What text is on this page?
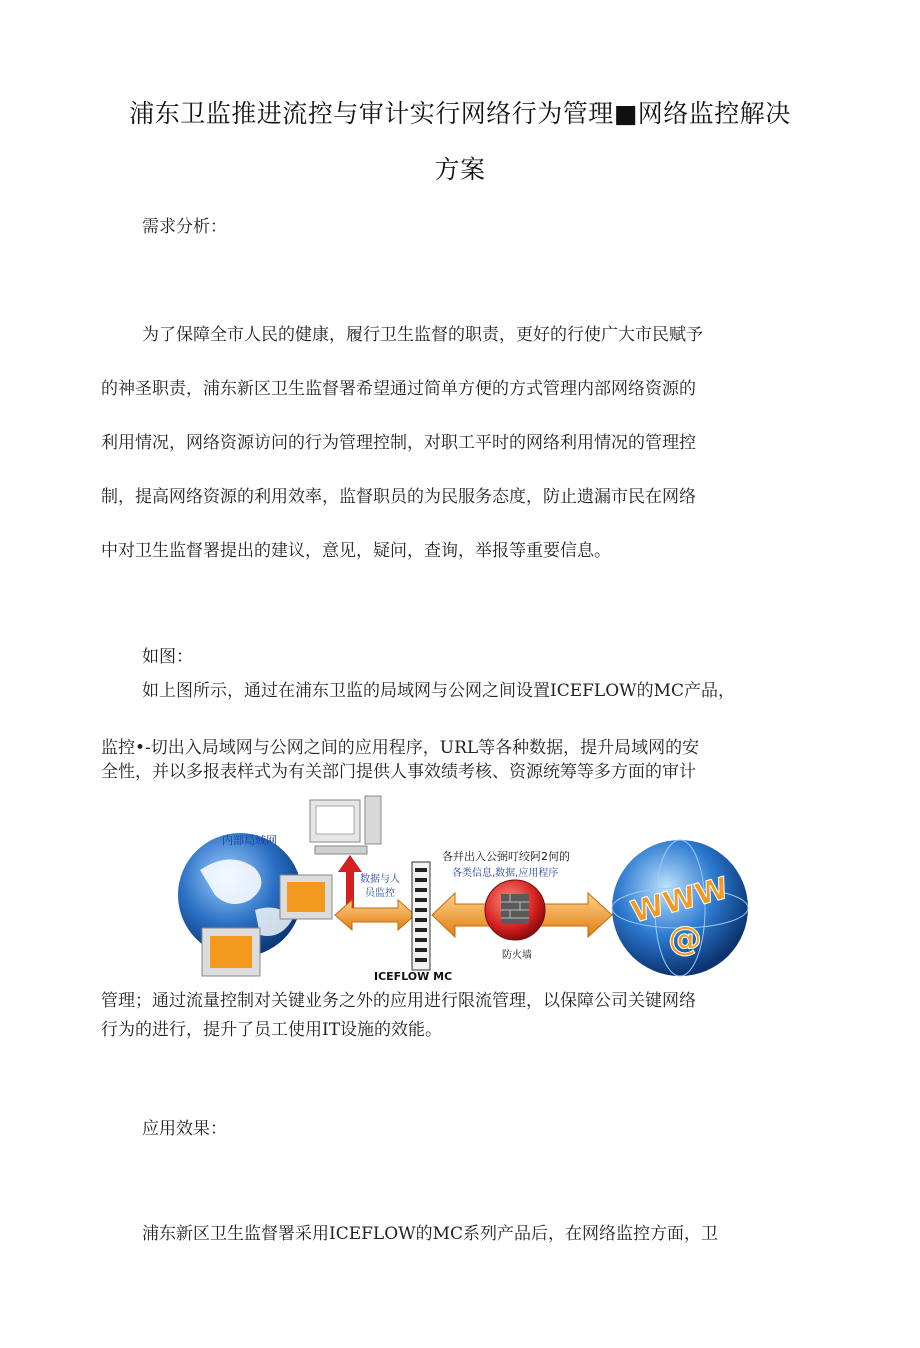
浦东卫监推进流控与审计实行网络行为管理■网络监控解决
方案
需求分析：
为了保障全市人民的健康，履行卫生监督的职责，更好的行使广大市民赋予
的神圣职责，浦东新区卫生监督署希望通过简单方便的方式管理内部网络资源的
利用情况，网络资源访问的行为管理控制，对职工平时的网络利用情况的管理控
制，提高网络资源的利用效率，监督职员的为民服务态度，防止遗漏市民在网络
中对卫生监督署提出的建议，意见，疑问，查询，举报等重要信息。
如图：
如上图所示，通过在浦东卫监的局域网与公网之间设置ICEFLOW的MC产品，
监控•-切出入局域网与公网之间的应用程序，URL等各种数据，提升局域网的安
全性，并以多报表样式为有关部门提供人事效绩考核、资源统筹等多方面的审计
内部局域网
数据与人
员监控
ICEFLOW MC
各幷出入公弼叮绞阿2何的
各类信息,数据,应用程序
防火墙
WWW
@
管理；通过流量控制对关键业务之外的应用进行限流管理，以保障公司关键网络
行为的进行，提升了员工使用IT设施的效能。
应用效果：
浦东新区卫生监督署采用ICEFLOW的MC系列产品后，在网络监控方面，卫
